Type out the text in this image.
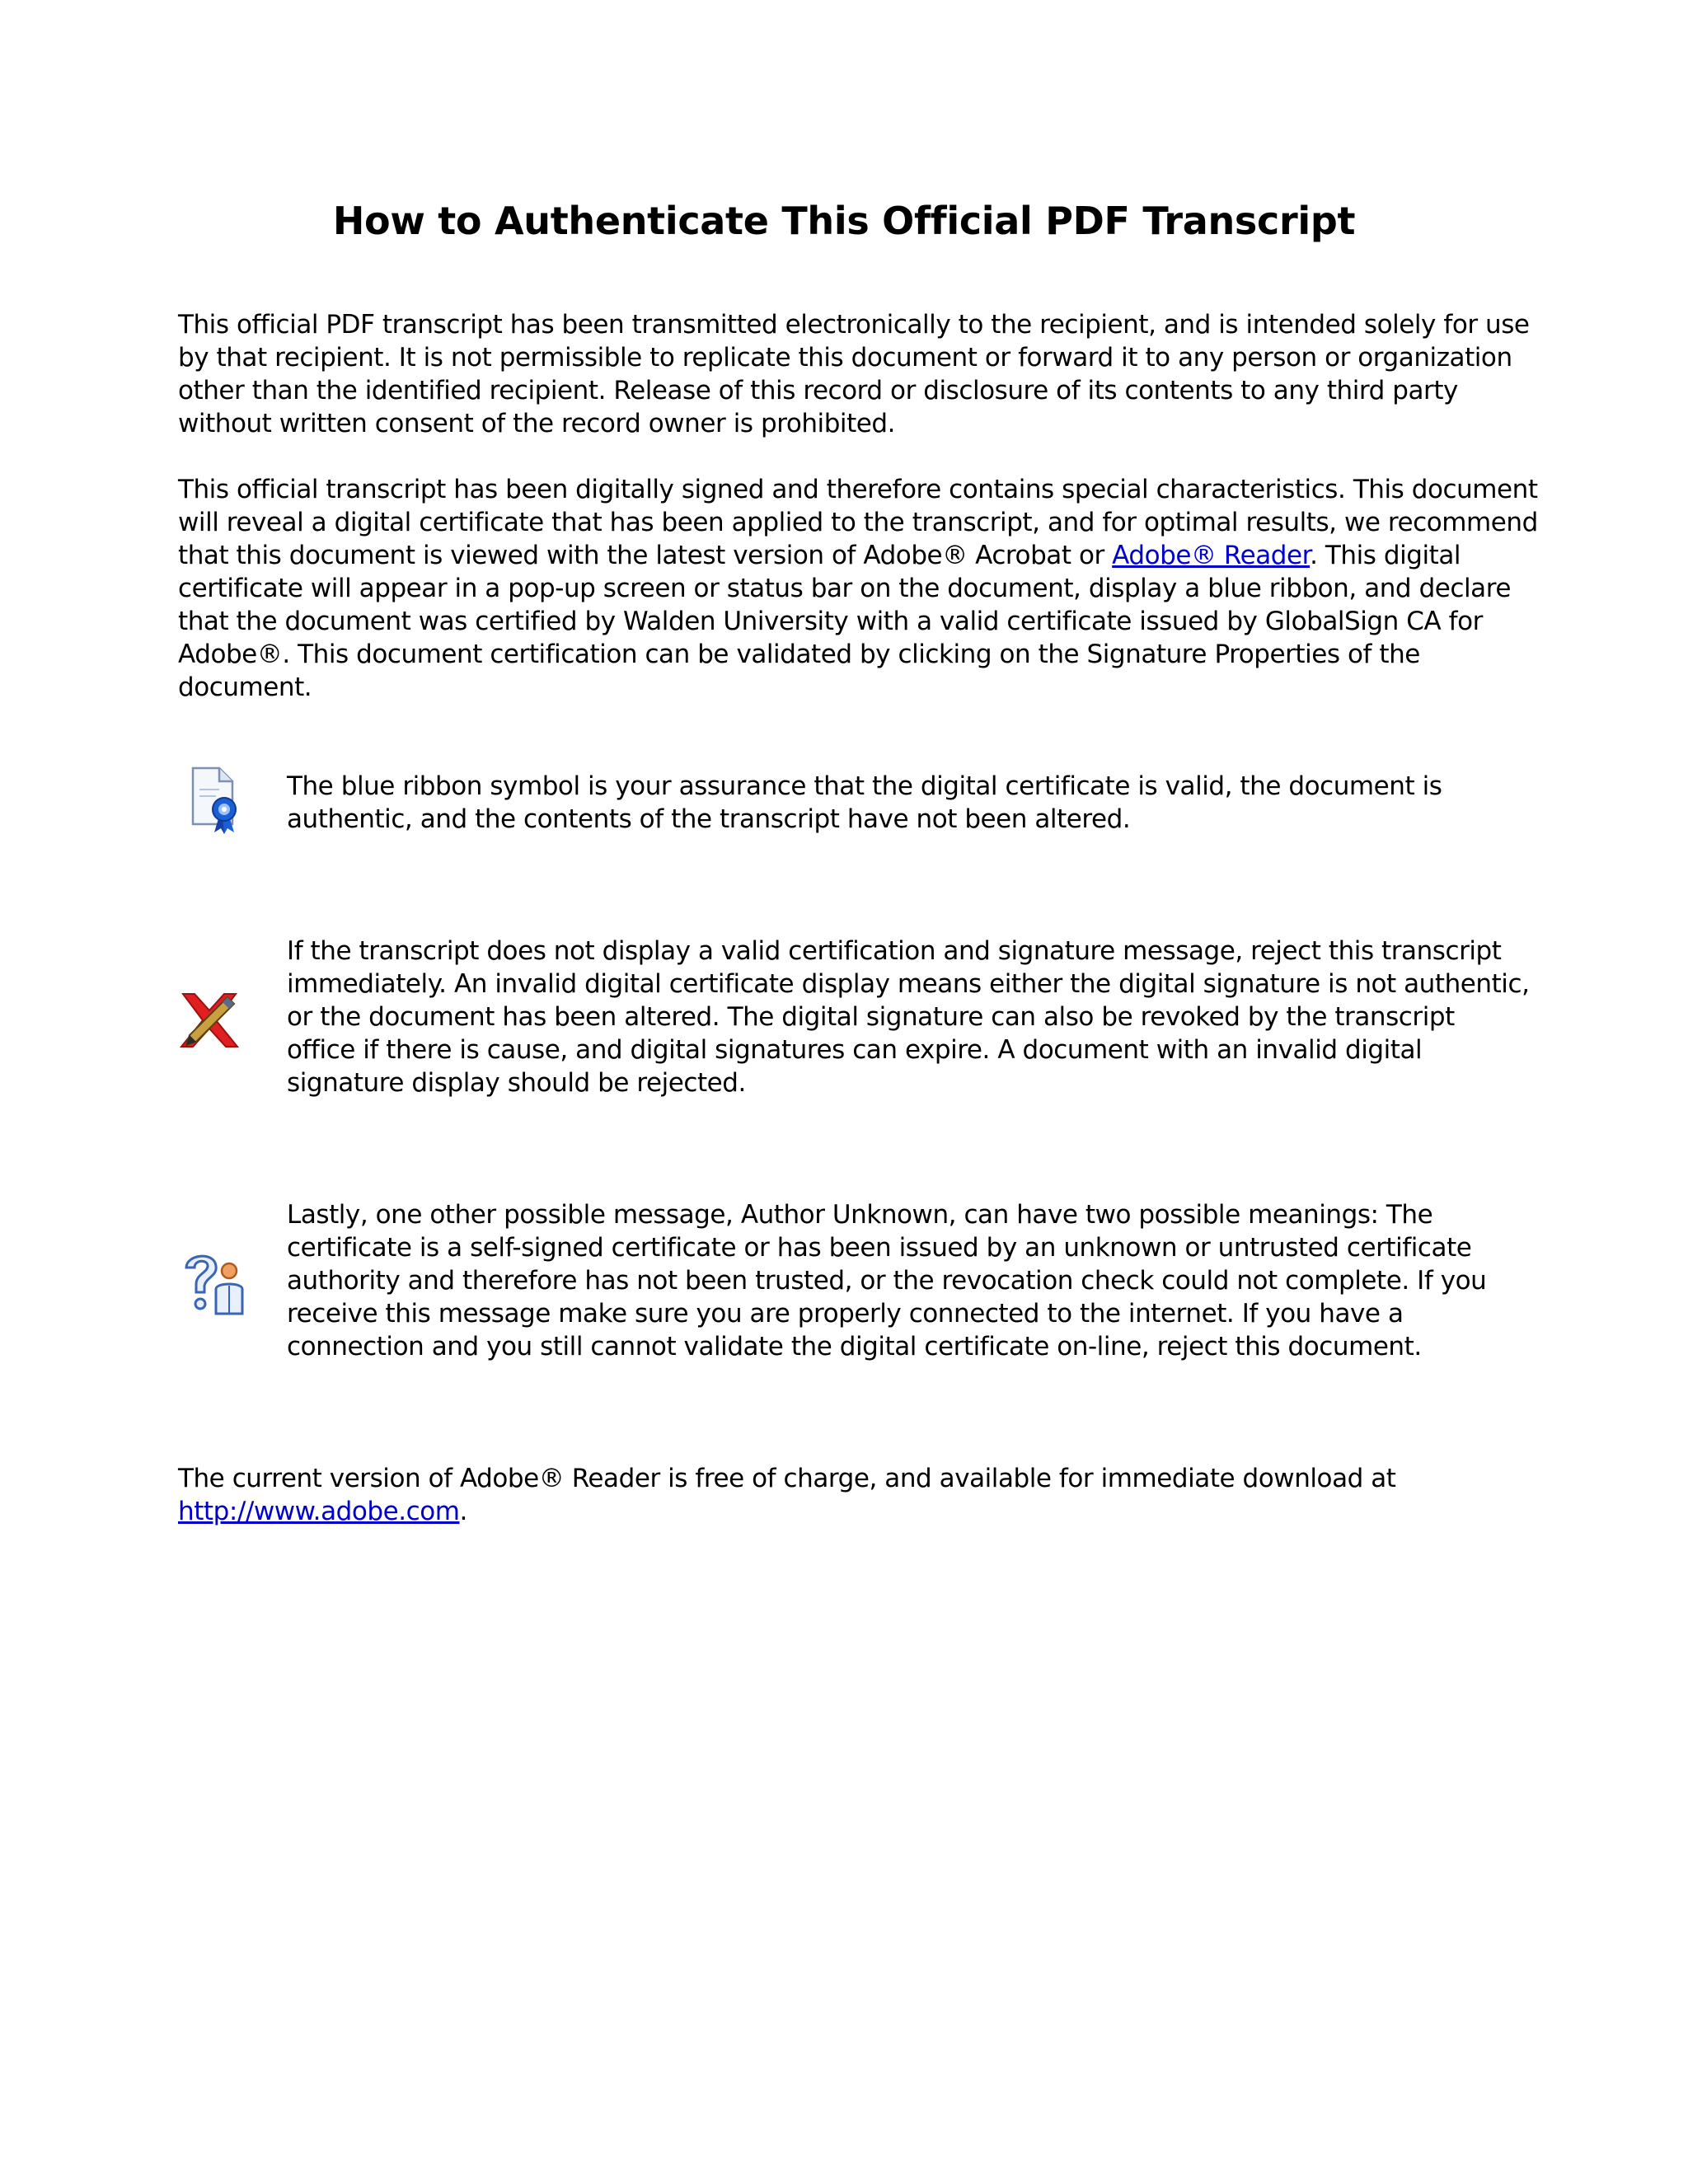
How to Authenticate This Official PDF Transcript

This official PDF transcript has been transmitted electronically to the recipient, and is intended solely for use
by that recipient. It is not permissible to replicate this document or forward it to any person or organization
other than the identified recipient. Release of this record or disclosure of its contents to any third party
without written consent of the record owner is prohibited.

This official transcript has been digitally signed and therefore contains special characteristics. This document
will reveal a digital certificate that has been applied to the transcript, and for optimal results, we recommend
that this document is viewed with the latest version of Adobe® Acrobat or Adobe® Reader. This digital
certificate will appear in a pop-up screen or status bar on the document, display a blue ribbon, and declare
that the document was certified by Walden University with a valid certificate issued by GlobalSign CA for
Adobe®. This document certification can be validated by clicking on the Signature Properties of the
document.

The blue ribbon symbol is your assurance that the digital certificate is valid, the document is
authentic, and the contents of the transcript have not been altered.

If the transcript does not display a valid certification and signature message, reject this transcript
immediately. An invalid digital certificate display means either the digital signature is not authentic,
or the document has been altered. The digital signature can also be revoked by the transcript
office if there is cause, and digital signatures can expire. A document with an invalid digital
signature display should be rejected.

Lastly, one other possible message, Author Unknown, can have two possible meanings: The
certificate is a self-signed certificate or has been issued by an unknown or untrusted certificate
authority and therefore has not been trusted, or the revocation check could not complete. If you
receive this message make sure you are properly connected to the internet. If you have a
connection and you still cannot validate the digital certificate on-line, reject this document.

The current version of Adobe® Reader is free of charge, and available for immediate download at
http://www.adobe.com.
